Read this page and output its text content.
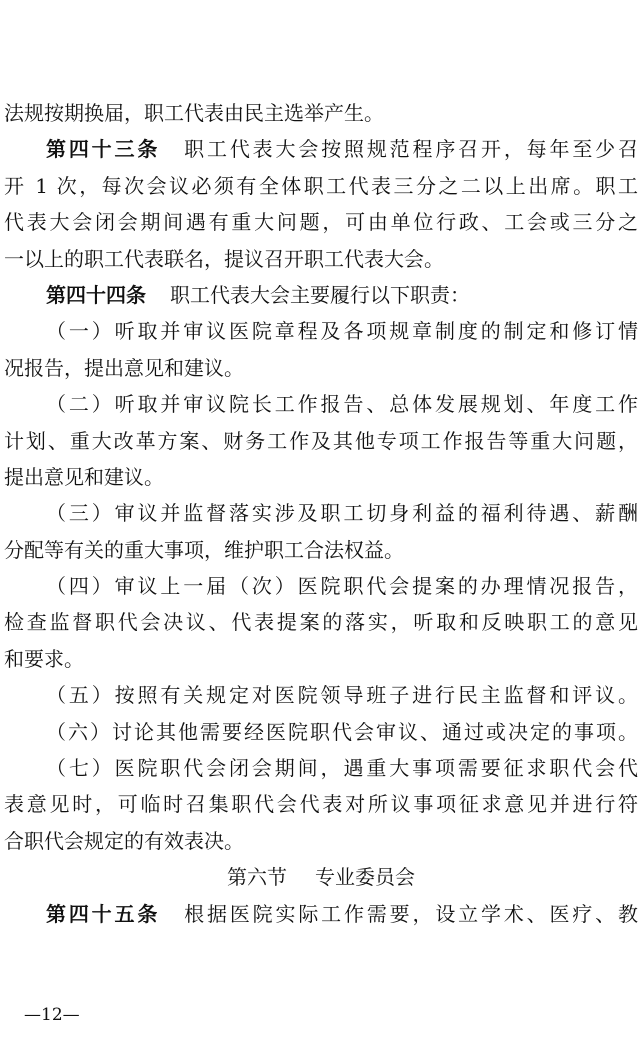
法规按期换届，职工代表由民主选举产生。
第四十三条 职工代表大会按照规范程序召开，每年至少召
开 1 次，每次会议必须有全体职工代表三分之二以上出席。职工
代表大会闭会期间遇有重大问题，可由单位行政、工会或三分之
一以上的职工代表联名，提议召开职工代表大会。
第四十四条 职工代表大会主要履行以下职责：
（一）听取并审议医院章程及各项规章制度的制定和修订情
况报告，提出意见和建议。
（二）听取并审议院长工作报告、总体发展规划、年度工作
计划、重大改革方案、财务工作及其他专项工作报告等重大问题，
提出意见和建议。
（三）审议并监督落实涉及职工切身利益的福利待遇、薪酬
分配等有关的重大事项，维护职工合法权益。
（四）审议上一届（次）医院职代会提案的办理情况报告，
检查监督职代会决议、代表提案的落实，听取和反映职工的意见
和要求。
（五）按照有关规定对医院领导班子进行民主监督和评议。
（六）讨论其他需要经医院职代会审议、通过或决定的事项。
（七）医院职代会闭会期间，遇重大事项需要征求职代会代
表意见时，可临时召集职代会代表对所议事项征求意见并进行符
合职代会规定的有效表决。
第六节 专业委员会
第四十五条 根据医院实际工作需要，设立学术、医疗、教
—12—
